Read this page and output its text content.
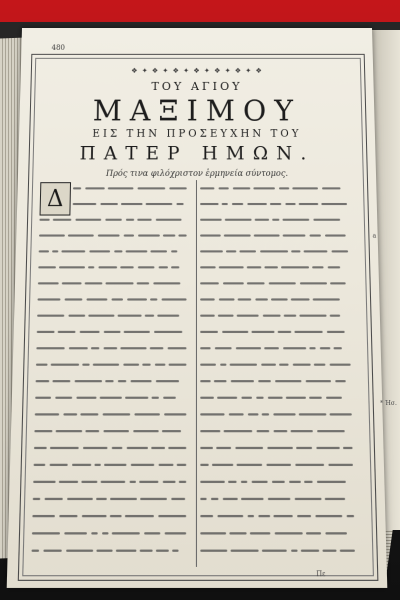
480
❖ ✦ ❖ ✦ ❖ ✦ ❖ ✦ ❖ ✦ ❖ ✦ ❖
ΤΟΥ ΑΓΙΟΥ
ΜΑΞΙΜΟΥ
ΕΙΣ ΤΗΝ ΠΡΟΣΕΥΧΗΝ ΤΟΥ
ΠΑΤΕΡ ΗΜΩΝ.
Πρός τινα φιλόχριστον ἑρμηνεία σύντομος.
Δ
a
Πε
* Ἡσ.
